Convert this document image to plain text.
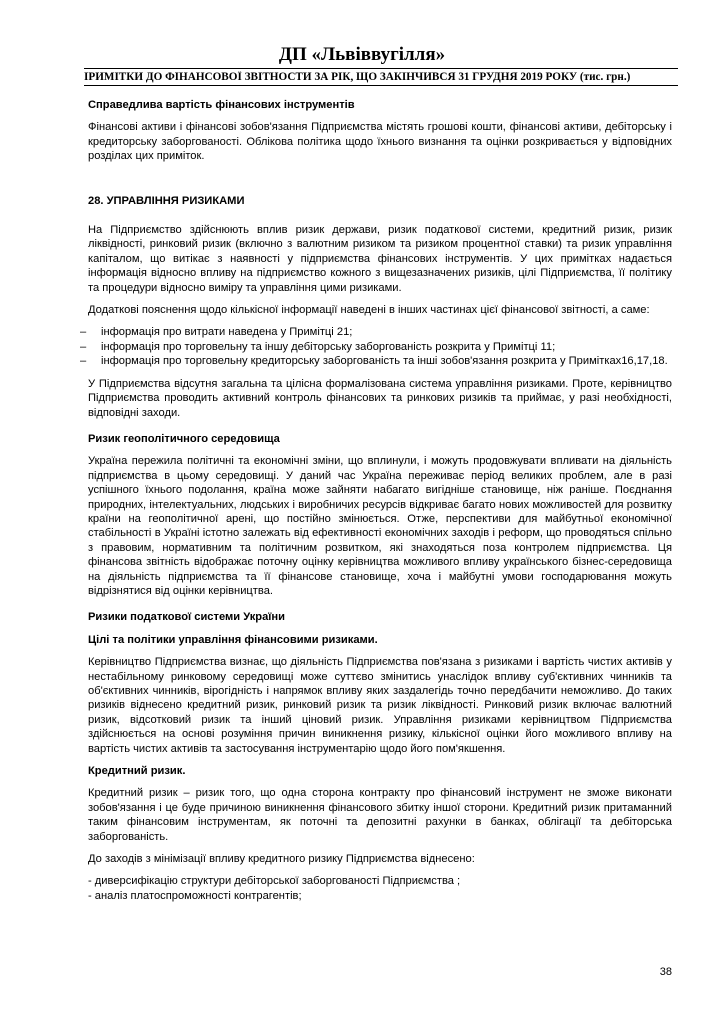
ДП «Львіввугілля»
ІРИМІТКИ ДО ФІНАНСОВОЇ ЗВІТНОСТИ ЗА РІК, ЩО ЗАКІНЧИВСЯ 31 ГРУДНЯ 2019 РОКУ (тис. грн.)

Справедлива вартість фінансових інструментів

Фінансові активи і фінансові зобов'язання Підприємства містять грошові кошти, фінансові активи, дебіторську і кредиторську заборгованості. Облікова політика щодо їхнього визнання та оцінки розкривається у відповідних розділах цих приміток.

28. УПРАВЛІННЯ РИЗИКАМИ

На Підприємство здійснюють вплив ризик держави, ризик податкової системи, кредитний ризик, ризик ліквідності, ринковий ризик (включно з валютним ризиком та ризиком процентної ставки) та ризик управління капіталом, що витікає з наявності у підприємства фінансових інструментів. У цих примітках надається інформація відносно впливу на підприємство кожного з вищезазначених ризиків, цілі Підприємства, її політику та процедури відносно виміру та управління цими ризиками.

Додаткові пояснення щодо кількісної інформації наведені в інших частинах цієї фінансової звітності, а саме:

– інформація про витрати наведена у Примітці 21;
– інформація про торговельну та іншу дебіторську заборгованість розкрита у Примітці 11;
– інформація про торговельну кредиторську заборгованість та інші зобов'язання розкрита у Примітках16,17,18.

У Підприємства відсутня загальна та цілісна формалізована система управління ризиками. Проте, керівництво Підприємства проводить активний контроль фінансових та ринкових ризиків та приймає, у разі необхідності, відповідні заходи.

Ризик геополітичного середовища

Україна пережила політичні та економічні зміни, що вплинули, і можуть продовжувати впливати на діяльність підприємства в цьому середовищі. У даний час Україна переживає період великих проблем, але в разі успішного їхнього подолання, країна може зайняти набагато вигідніше становище, ніж раніше. Поєднання природних, інтелектуальних, людських і виробничих ресурсів відкриває багато нових можливостей для розвитку країни на геополітичної арені, що постійно змінюється. Отже, перспективи для майбутньої економічної стабільності в Україні істотно залежать від ефективності економічних заходів і реформ, що проводяться спільно з правовим, нормативним та політичним розвитком, які знаходяться поза контролем підприємства. Ця фінансова звітність відображає поточну оцінку керівництва можливого впливу українського бізнес-середовища на діяльність підприємства та її фінансове становище, хоча і майбутні умови господарювання можуть відрізнятися від оцінки керівництва.

Ризики податкової системи України

Цілі та політики управління фінансовими ризиками.

Керівництво Підприємства визнає, що діяльність Підприємства пов'язана з ризиками і вартість чистих активів у нестабільному ринковому середовищі може суттєво змінитись унаслідок впливу суб'єктивних чинників та об'єктивних чинників, вірогідність і напрямок впливу яких заздалегідь точно передбачити неможливо. До таких ризиків віднесено кредитний ризик, ринковий ризик та ризик ліквідності. Ринковий ризик включає валютний ризик, відсотковий ризик та інший ціновий ризик. Управління ризиками керівництвом Підприємства здійснюється на основі розуміння причин виникнення ризику, кількісної оцінки його можливого впливу на вартість чистих активів та застосування інструментарію щодо його пом'якшення.

Кредитний ризик.

Кредитний ризик – ризик того, що одна сторона контракту про фінансовий інструмент не зможе виконати зобов'язання і це буде причиною виникнення фінансового збитку іншої сторони. Кредитний ризик притаманний таким фінансовим інструментам, як поточні та депозитні рахунки в банках, облігації та дебіторська заборгованість.

До заходів з мінімізації впливу кредитного ризику Підприємства віднесено:

- диверсифікацію структури дебіторської заборгованості Підприємства ;

- аналіз платоспроможності контрагентів;

38
